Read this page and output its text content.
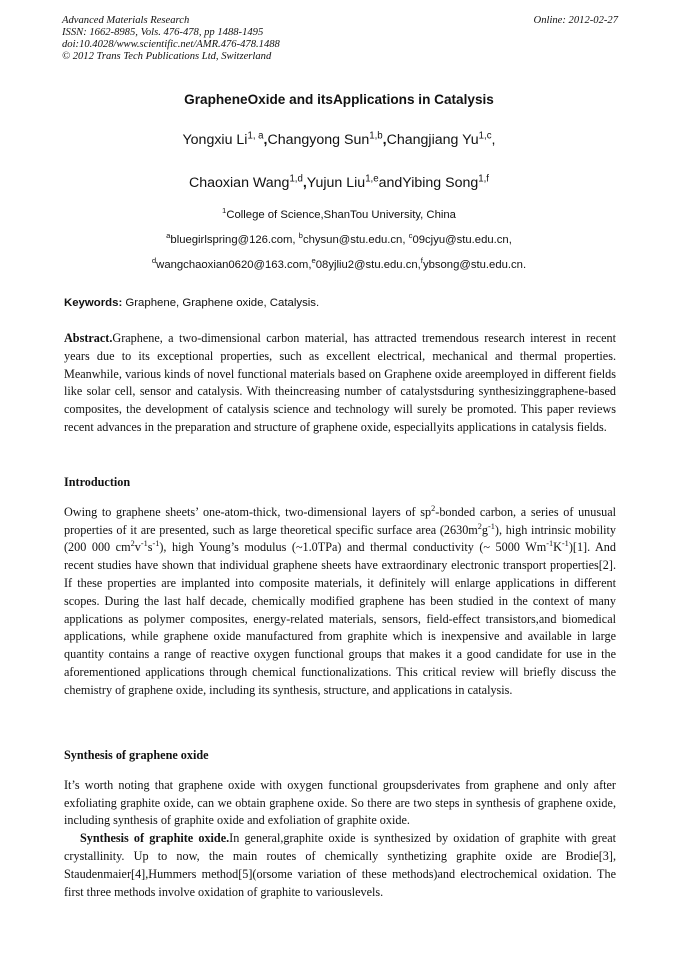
Advanced Materials Research
ISSN: 1662-8985, Vols. 476-478, pp 1488-1495
doi:10.4028/www.scientific.net/AMR.476-478.1488
© 2012 Trans Tech Publications Ltd, Switzerland
Online: 2012-02-27
GrapheneOxide and itsApplications in Catalysis
Yongxiu Li$^{1, a}$,Changyong Sun$^{1,b}$,Changjiang Yu$^{1,c}$,
Chaoxian Wang$^{1,d}$,Yujun Liu$^{1,e}$andYibing Song$^{1,f}$
$^1$College of Science,ShanTou University, China
$^a$bluegirlspring@126.com, $^b$chysun@stu.edu.cn, $^c$09cjyu@stu.edu.cn,
$^d$wangchaoxian0620@163.com,$^e$08yjliu2@stu.edu.cn,$^f$ybsong@stu.edu.cn.
Keywords: Graphene, Graphene oxide, Catalysis.

Abstract.Graphene, a two-dimensional carbon material, has attracted tremendous research interest in recent years due to its exceptional properties, such as excellent electrical, mechanical and thermal properties. Meanwhile, various kinds of novel functional materials based on Graphene oxide areemployed in different fields like solar cell, sensor and catalysis. With theincreasing number of catalystsduring synthesizinggraphene-based composites, the development of catalysis science and technology will surely be promoted. This paper reviews recent advances in the preparation and structure of graphene oxide, especiallyits applications in catalysis fields.

Introduction

Owing to graphene sheets’ one-atom-thick, two-dimensional layers of $sp^2$-bonded carbon, a series of unusual properties of it are presented, such as large theoretical specific surface area $(2630m^2g^{-1})$, high intrinsic mobility (200 000 $cm^2v^{-1}s^{-1}$), high Young’s modulus (~1.0TPa) and thermal conductivity (~ 5000 $Wm^{-1}K^{-1})[1]$. And recent studies have shown that individual graphene sheets have extraordinary electronic transport properties[2]. If these properties are implanted into composite materials, it definitely will enlarge applications in different scopes. During the last half decade, chemically modified graphene has been studied in the context of many applications as polymer composites, energy-related materials, sensors, field-effect transistors,and biomedical applications, while graphene oxide manufactured from graphite which is inexpensive and available in large quantity contains a range of reactive oxygen functional groups that makes it a good candidate for use in the aforementioned applications through chemical functionalizations. This critical review will briefly discuss the chemistry of graphene oxide, including its synthesis, structure, and applications in catalysis.

Synthesis of graphene oxide

It’s worth noting that graphene oxide with oxygen functional groupsderivates from graphene and only after exfoliating graphite oxide, can we obtain graphene oxide. So there are two steps in synthesis of graphene oxide, including synthesis of graphite oxide and exfoliation of graphite oxide.

Synthesis of graphite oxide.In general,graphite oxide is synthesized by oxidation of graphite with great crystallinity. Up to now, the main routes of chemically synthetizing graphite oxide are Brodie[3], Staudenmaier[4],Hummers method[5](orsome variation of these methods)and electrochemical oxidation. The first three methods involve oxidation of graphite to variouslevels.
